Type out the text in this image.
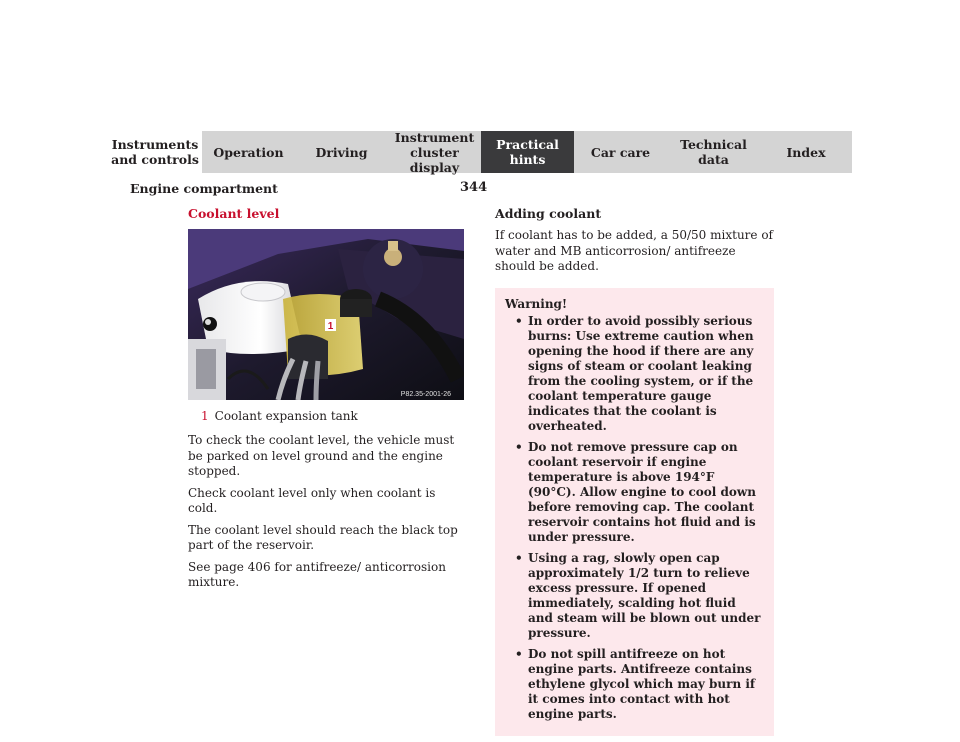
Instruments
and controls	Operation	Driving
Instrument
cluster display
Practical hints	Car care	Technical
data	Index
344
Engine compartment
Coolant level
1
P82.35-2001-26
1 Coolant expansion tank

To check the coolant level, the vehicle must be parked on level ground and the engine stopped.

Check coolant level only when coolant is cold.

The coolant level should reach the black top part of the reservoir.

See page 406 for antifreeze/ anticorrosion mixture.

Adding coolant

If coolant has to be added, a 50/50 mixture of water and MB anticorrosion/ antifreeze should be added.

Warning!
• In order to avoid possibly serious burns: Use extreme caution when opening the hood if there are any signs of steam or coolant leaking from the cooling system, or if the coolant temperature gauge indicates that the coolant is overheated.
• Do not remove pressure cap on coolant reservoir if engine temperature is above 194°F (90°C). Allow engine to cool down before removing cap. The coolant reservoir contains hot fluid and is under pressure.
• Using a rag, slowly open cap approximately 1/2 turn to relieve excess pressure. If opened immediately, scalding hot fluid and steam will be blown out under pressure.
• Do not spill antifreeze on hot engine parts. Antifreeze contains ethylene glycol which may burn if it comes into contact with hot engine parts.
